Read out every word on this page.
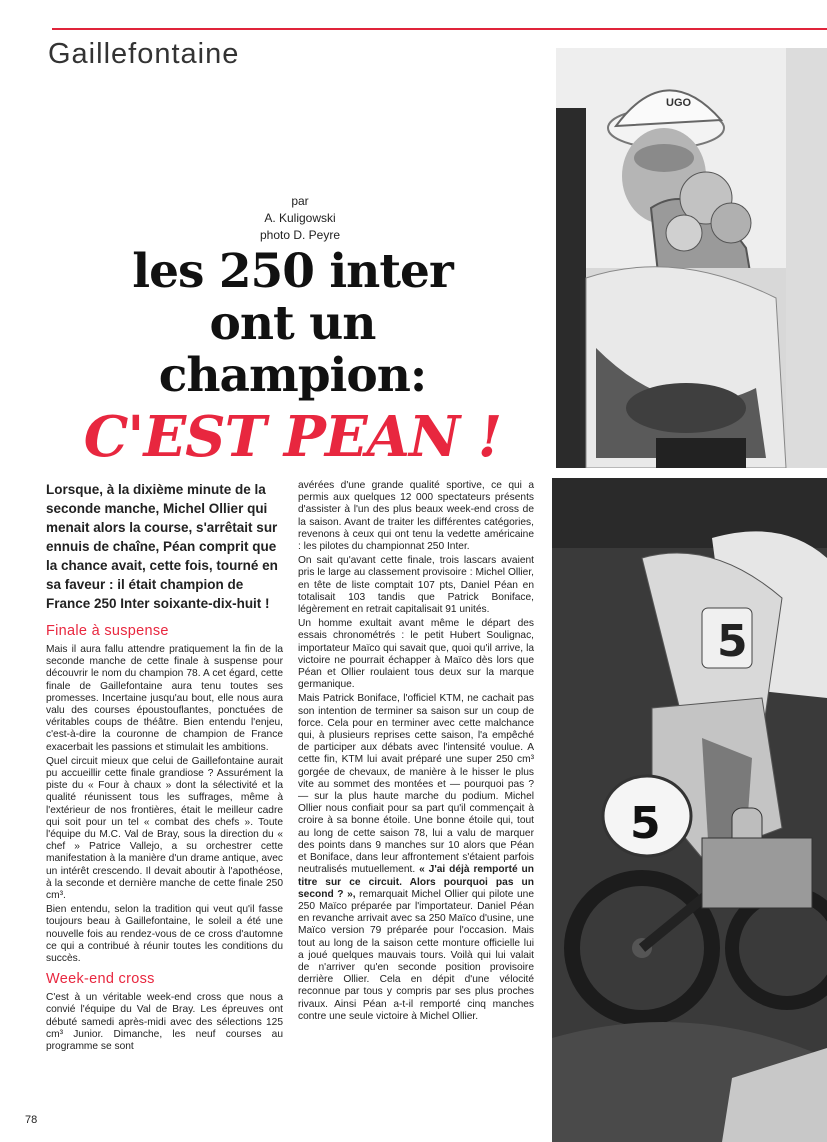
Gaillefontaine
par
A. Kuligowski
photo D. Peyre
les 250 inter
ont un
champion:
C'EST PEAN !
UGO
5
5

Lorsque, à la dixième minute de la seconde manche, Michel Ollier qui menait alors la course, s'arrêtait sur ennuis de chaîne, Péan comprit que la chance avait, cette fois, tourné en sa faveur : il était champion de France 250 Inter soixante-dix-huit !

Finale à suspense

Mais il aura fallu attendre pratiquement la fin de la seconde manche de cette finale à suspense pour découvrir le nom du champion 78. A cet égard, cette finale de Gaillefontaine aura tenu toutes ses promesses. Incertaine jusqu'au bout, elle nous aura valu des courses époustouflantes, ponctuées de véritables coups de théâtre. Bien entendu l'enjeu, c'est-à-dire la couronne de champion de France exacerbait les passions et stimulait les ambitions.

Quel circuit mieux que celui de Gaillefontaine aurait pu accueillir cette finale grandiose ? Assurément la piste du « Four à chaux » dont la sélectivité et la qualité réunissent tous les suffrages, même à l'extérieur de nos frontières, était le meilleur cadre qui soit pour un tel « combat des chefs ». Toute l'équipe du M.C. Val de Bray, sous la direction du « chef » Patrice Vallejo, a su orchestrer cette manifestation à la manière d'un drame antique, avec un intérêt crescendo. Il devait aboutir à l'apothéose, à la seconde et dernière manche de cette finale 250 cm³.

Bien entendu, selon la tradition qui veut qu'il fasse toujours beau à Gaillefontaine, le soleil a été une nouvelle fois au rendez-vous de ce cross d'automne ce qui a contribué à réunir toutes les conditions du succès.

Week-end cross

C'est à un véritable week-end cross que nous a convié l'équipe du Val de Bray. Les épreuves ont débuté samedi après-midi avec des sélections 125 cm³ Junior. Dimanche, les neuf courses au programme se sont

avérées d'une grande qualité sportive, ce qui a permis aux quelques 12 000 spectateurs présents d'assister à l'un des plus beaux week-end cross de la saison. Avant de traiter les différentes catégories, revenons à ceux qui ont tenu la vedette américaine : les pilotes du championnat 250 Inter.

On sait qu'avant cette finale, trois lascars avaient pris le large au classement provisoire : Michel Ollier, en tête de liste comptait 107 pts, Daniel Péan en totalisait 103 tandis que Patrick Boniface, légèrement en retrait capitalisait 91 unités.

Un homme exultait avant même le départ des essais chronométrés : le petit Hubert Soulignac, importateur Maïco qui savait que, quoi qu'il arrive, la victoire ne pourrait échapper à Maïco dès lors que Péan et Ollier roulaient tous deux sur la marque germanique.

Mais Patrick Boniface, l'officiel KTM, ne cachait pas son intention de terminer sa saison sur un coup de force. Cela pour en terminer avec cette malchance qui, à plusieurs reprises cette saison, l'a empêché de participer aux débats avec l'intensité voulue. A cette fin, KTM lui avait préparé une super 250 cm³ gorgée de chevaux, de manière à le hisser le plus vite au sommet des montées et — pourquoi pas ? — sur la plus haute marche du podium. Michel Ollier nous confiait pour sa part qu'il commençait à croire à sa bonne étoile. Une bonne étoile qui, tout au long de cette saison 78, lui a valu de marquer des points dans 9 manches sur 10 alors que Péan et Boniface, dans leur affrontement s'étaient parfois neutralisés mutuellement. « J'ai déjà remporté un titre sur ce circuit. Alors pourquoi pas un second ? », remarquait Michel Ollier qui pilote une 250 Maïco préparée par l'importateur. Daniel Péan en revanche arrivait avec sa 250 Maïco d'usine, une Maïco version 79 préparée pour l'occasion. Mais tout au long de la saison cette monture officielle lui a joué quelques mauvais tours. Voilà qui lui valait de n'arriver qu'en seconde position provisoire derrière Ollier. Cela en dépit d'une vélocité reconnue par tous y compris par ses plus proches rivaux. Ainsi Péan a-t-il remporté cinq manches contre une seule victoire à Michel Ollier.

78
